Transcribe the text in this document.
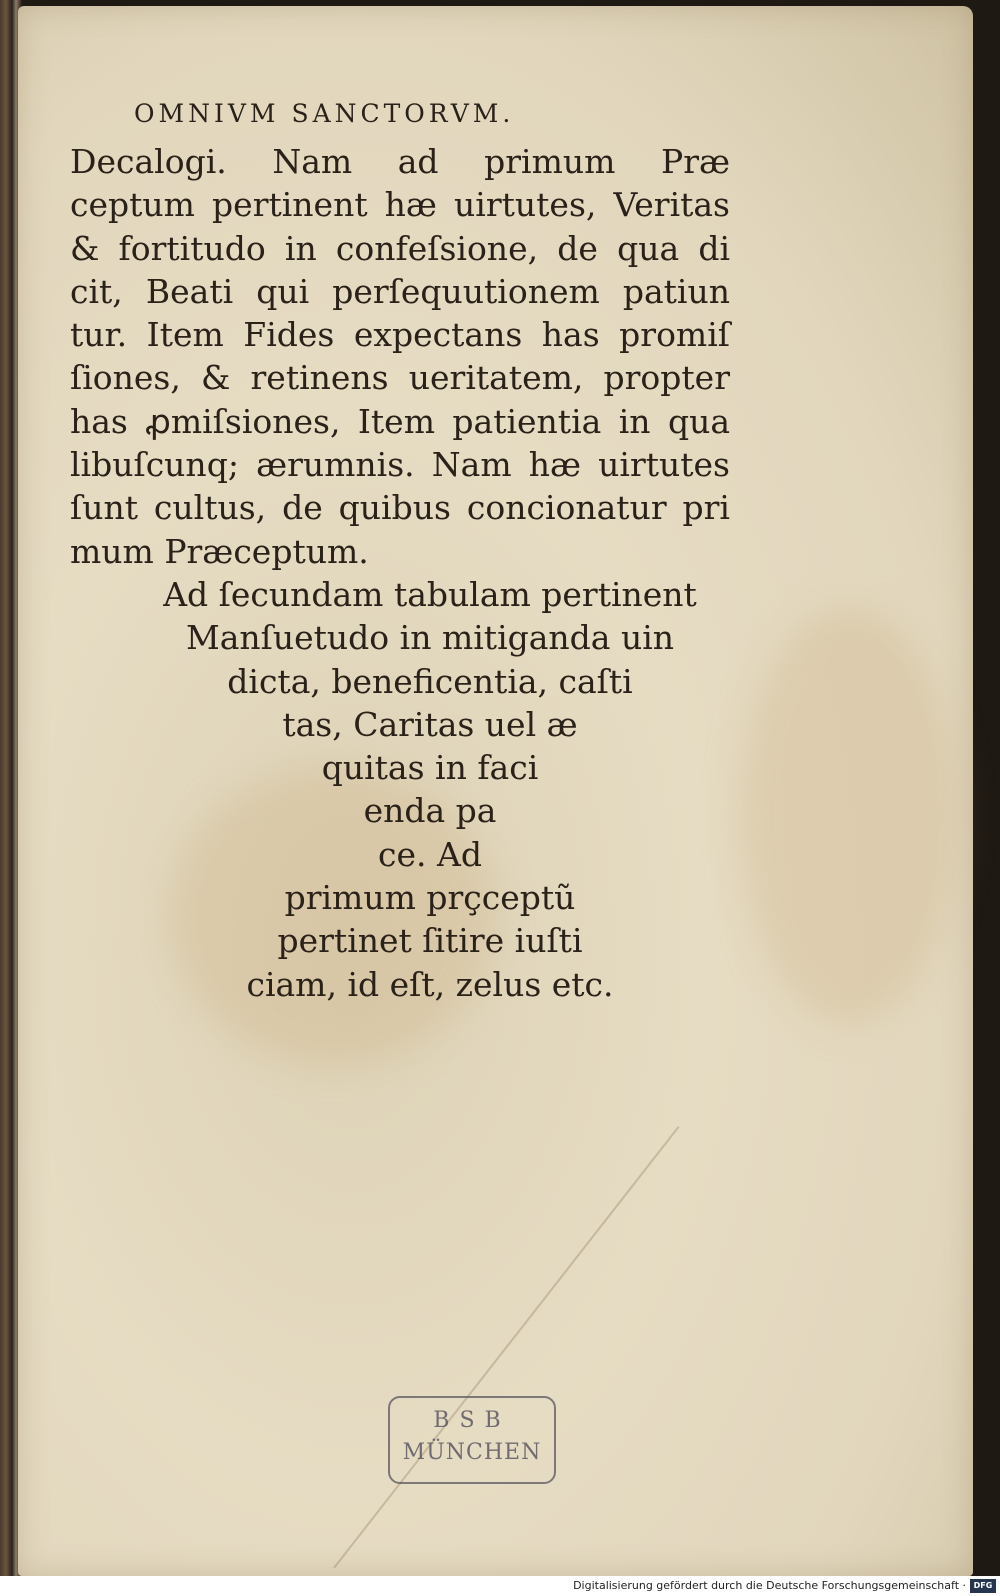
OMNIVM SANCTORVM.
Decalogi. Nam ad primum Præ
ceptum pertinent hæ uirtutes, Veritas
& fortitudo in confeſsione, de qua di
cit, Beati qui perſequutionem patiun
tur. Item Fides expectans has promiſ
ſiones, & retinens ueritatem, propter
has ꝓmiſsiones, Item patientia in qua
libuſcunq; ærumnis. Nam hæ uirtutes
ſunt cultus, de quibus concionatur pri
mum Præceptum.
Ad ſecundam tabulam pertinent
Manſuetudo in mitiganda uin
dicta, beneficentia, caſti
tas, Caritas uel æ
quitas in faci
enda pa
ce. Ad
primum prçceptũ
pertinet ſitire iuſti
ciam, id eſt, zelus etc.
BSB
MÜNCHEN
Digitalisierung gefördert durch die Deutsche Forschungsgemeinschaft · DFG
